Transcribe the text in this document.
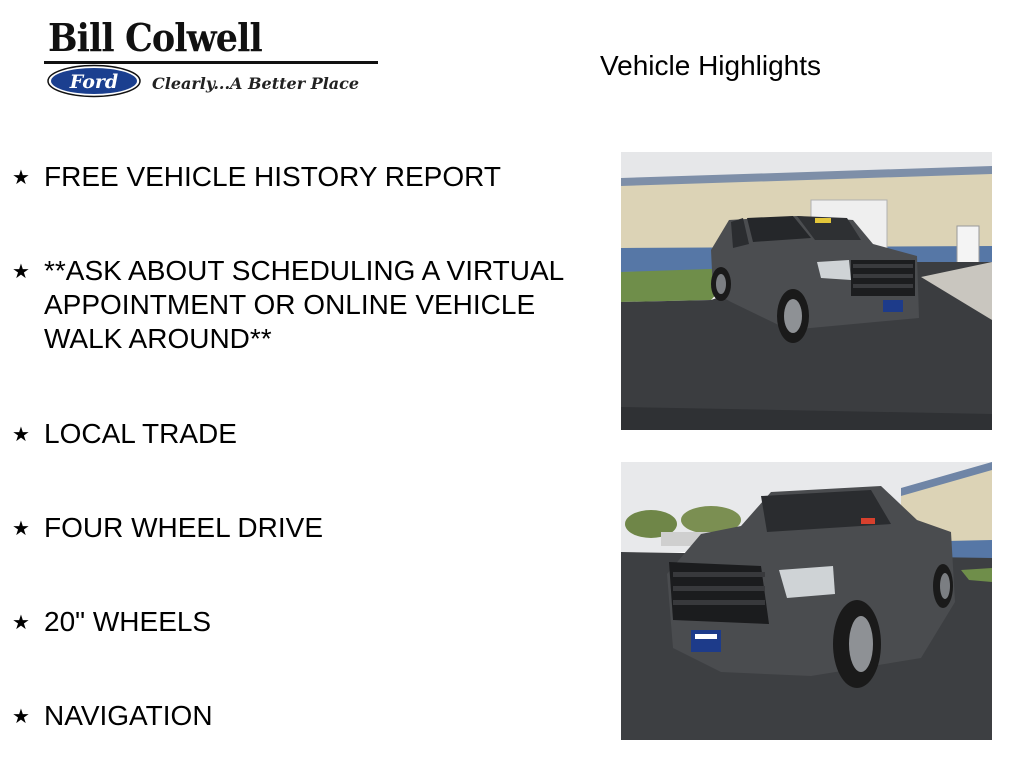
Bill Colwell
Ford Clearly...A Better Place
Vehicle Highlights
★ FREE VEHICLE HISTORY REPORT
★ **ASK ABOUT SCHEDULING A VIRTUAL APPOINTMENT OR ONLINE VEHICLE WALK AROUND**
★ LOCAL TRADE
★ FOUR WHEEL DRIVE
★ 20" WHEELS
★ NAVIGATION
